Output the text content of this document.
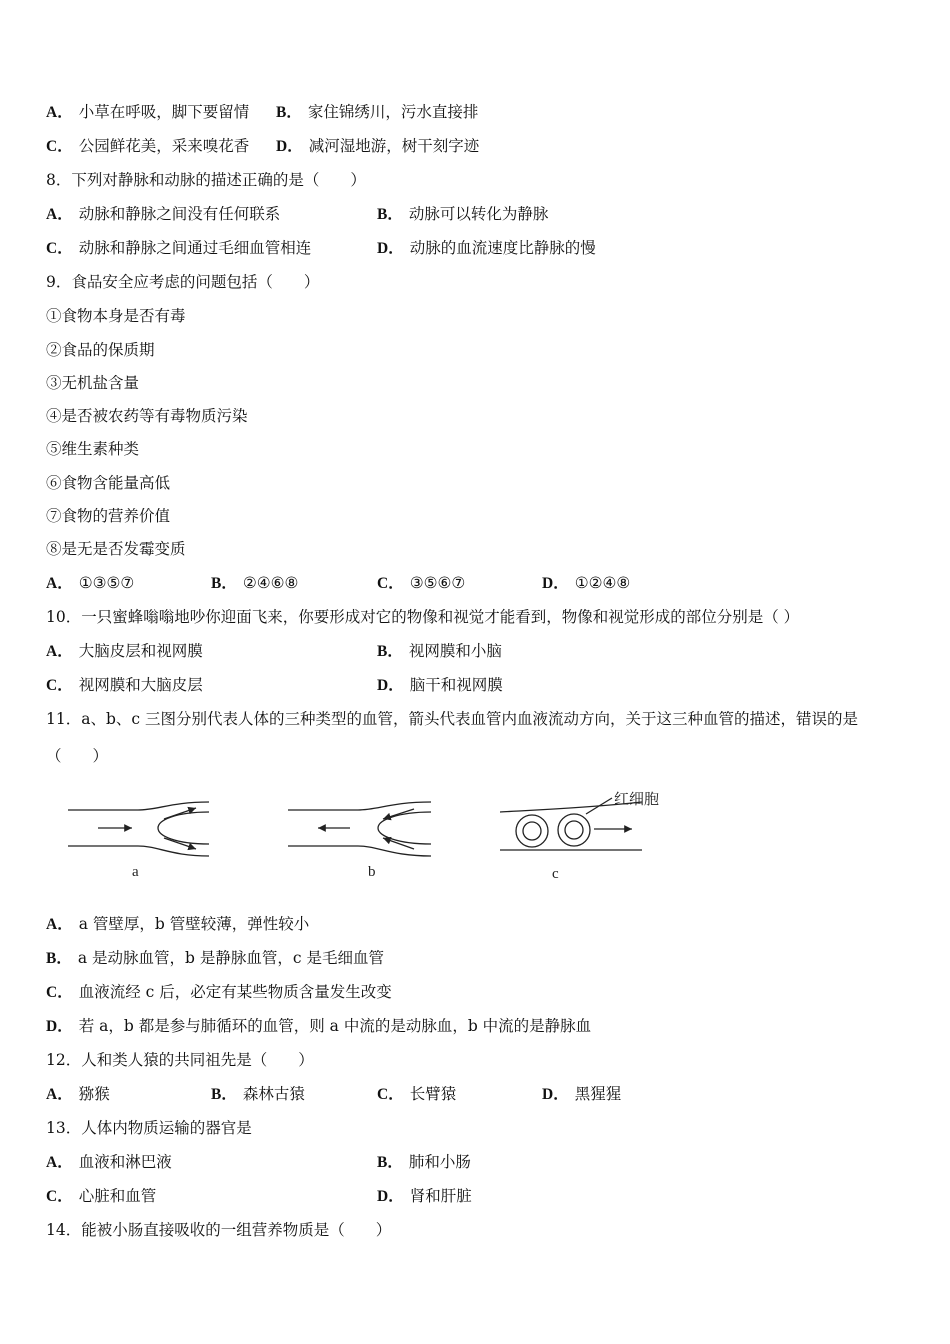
A． 小草在呼吸，脚下要留情 B． 家住锦绣川，污水直接排
C． 公园鲜花美，采来嗅花香 D． 减河湿地游，树干刻字迹
8．下列对静脉和动脉的描述正确的是（　　）
A． 动脉和静脉之间没有任何联系	B． 动脉可以转化为静脉
C． 动脉和静脉之间通过毛细血管相连	D． 动脉的血流速度比静脉的慢
9．食品安全应考虑的问题包括（　　）
①食物本身是否有毒
②食品的保质期
③无机盐含量
④是否被农药等有毒物质污染
⑤维生素种类
⑥食物含能量高低
⑦食物的营养价值
⑧是无是否发霉变质
A． ①③⑤⑦	B． ②④⑥⑧	C． ③⑤⑥⑦	D． ①②④⑧
10．一只蜜蜂嗡嗡地吵你迎面飞来，你要形成对它的物像和视觉才能看到，物像和视觉形成的部位分别是（ ）
A． 大脑皮层和视网膜	B． 视网膜和小脑
C． 视网膜和大脑皮层	D． 脑干和视网膜
11．a、b、c 三图分别代表人体的三种类型的血管，箭头代表血管内血液流动方向，关于这三种血管的描述，错误的是
（　　）
a	b
红细胞
c
A． a 管壁厚，b 管壁较薄，弹性较小
B． a 是动脉血管，b 是静脉血管，c 是毛细血管
C． 血液流经 c 后，必定有某些物质含量发生改变
D． 若 a，b 都是参与肺循环的血管，则 a 中流的是动脉血，b 中流的是静脉血
12．人和类人猿的共同祖先是（　　）
A． 猕猴	B． 森林古猿	C． 长臂猿	D． 黑猩猩
13．人体内物质运输的器官是
A． 血液和淋巴液	B． 肺和小肠
C． 心脏和血管	D． 肾和肝脏
14．能被小肠直接吸收的一组营养物质是（　　）
